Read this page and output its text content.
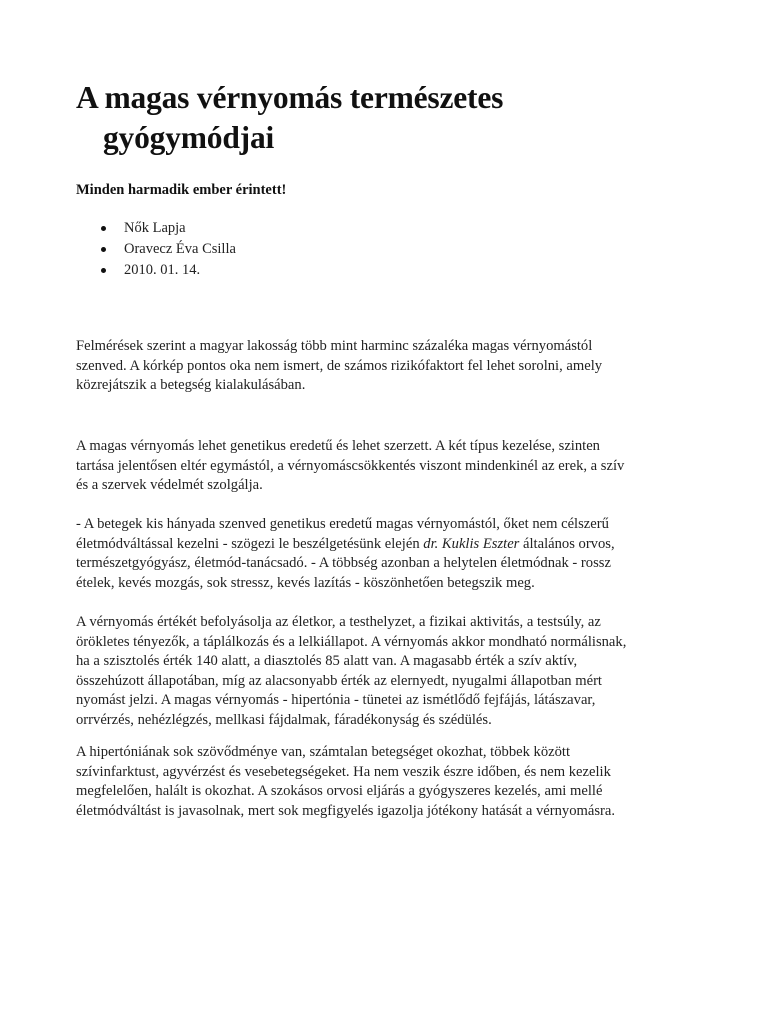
A magas vérnyomás természetes
gyógymódjai

Minden harmadik ember érintett!

Nők Lapja
Oravecz Éva Csilla
2010. 01. 14.

Felmérések szerint a magyar lakosság több mint harminc százaléka magas vérnyomástól
szenved. A kórkép pontos oka nem ismert, de számos rizikófaktort fel lehet sorolni, amely
közrejátszik a betegség kialakulásában.

A magas vérnyomás lehet genetikus eredetű és lehet szerzett. A két típus kezelése, szinten
tartása jelentősen eltér egymástól, a vérnyomáscsökkentés viszont mindenkinél az erek, a szív
és a szervek védelmét szolgálja.

- A betegek kis hányada szenved genetikus eredetű magas vérnyomástól, őket nem célszerű
életmódváltással kezelni - szögezi le beszélgetésünk elején dr. Kuklis Eszter általános orvos,
természetgyógyász, életmód-tanácsadó. - A többség azonban a helytelen életmódnak - rossz
ételek, kevés mozgás, sok stressz, kevés lazítás - köszönhetően betegszik meg.

A vérnyomás értékét befolyásolja az életkor, a testhelyzet, a fizikai aktivitás, a testsúly, az
örökletes tényezők, a táplálkozás és a lelkiállapot. A vérnyomás akkor mondható normálisnak,
ha a szisztolés érték 140 alatt, a diasztolés 85 alatt van. A magasabb érték a szív aktív,
összehúzott állapotában, míg az alacsonyabb érték az elernyedt, nyugalmi állapotban mért
nyomást jelzi. A magas vérnyomás - hipertónia - tünetei az ismétlődő fejfájás, látászavar,
orrvérzés, nehézlégzés, mellkasi fájdalmak, fáradékonyság és szédülés.

A hipertóniának sok szövődménye van, számtalan betegséget okozhat, többek között
szívinfarktust, agyvérzést és vesebetegségeket. Ha nem veszik észre időben, és nem kezelik
megfelelően, halált is okozhat. A szokásos orvosi eljárás a gyógyszeres kezelés, ami mellé
életmódváltást is javasolnak, mert sok megfigyelés igazolja jótékony hatását a vérnyomásra.
